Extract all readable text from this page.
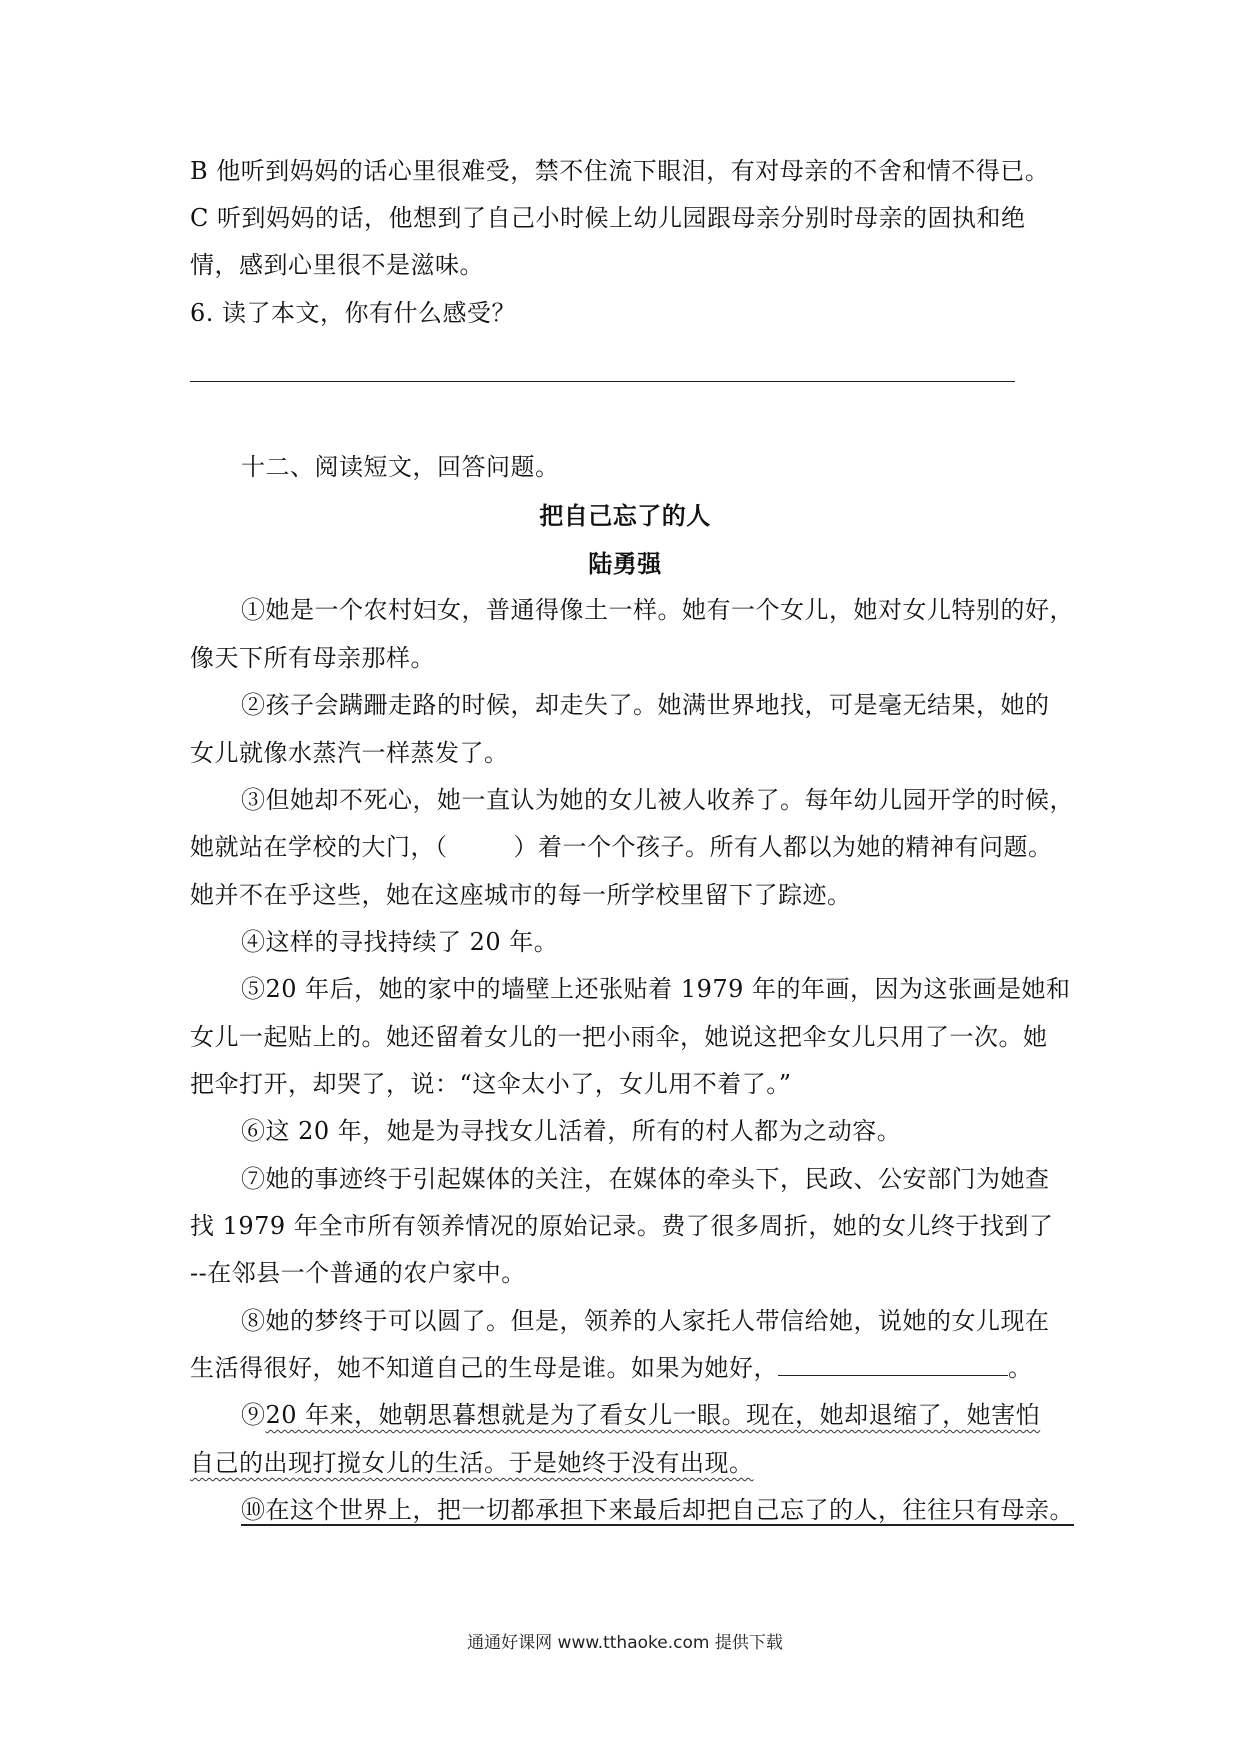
B 他听到妈妈的话心里很难受，禁不住流下眼泪，有对母亲的不舍和情不得已。
C 听到妈妈的话，他想到了自己小时候上幼儿园跟母亲分别时母亲的固执和绝
情，感到心里很不是滋味。
6. 读了本文，你有什么感受？
十二、阅读短文，回答问题。
把自己忘了的人
陆勇强
①她是一个农村妇女，普通得像土一样。她有一个女儿，她对女儿特别的好，
像天下所有母亲那样。
②孩子会蹒跚走路的时候，却走失了。她满世界地找，可是毫无结果，她的
女儿就像水蒸汽一样蒸发了。
③但她却不死心，她一直认为她的女儿被人收养了。每年幼儿园开学的时候，
她就站在学校的大门，（	）着一个个孩子。所有人都以为她的精神有问题。
她并不在乎这些，她在这座城市的每一所学校里留下了踪迹。
④这样的寻找持续了 20 年。
⑤20 年后，她的家中的墙壁上还张贴着 1979 年的年画，因为这张画是她和
女儿一起贴上的。她还留着女儿的一把小雨伞，她说这把伞女儿只用了一次。她
把伞打开，却哭了，说：“这伞太小了，女儿用不着了。”
⑥这 20 年，她是为寻找女儿活着，所有的村人都为之动容。
⑦她的事迹终于引起媒体的关注，在媒体的牵头下，民政、公安部门为她查
找 1979 年全市所有领养情况的原始记录。费了很多周折，她的女儿终于找到了
--在邻县一个普通的农户家中。
⑧她的梦终于可以圆了。但是，领养的人家托人带信给她，说她的女儿现在
生活得很好，她不知道自己的生母是谁。如果为她好，	。
⑨20 年来，她朝思暮想就是为了看女儿一眼。现在，她却退缩了，她害怕
自己的出现打搅女儿的生活。于是她终于没有出现。
⑩在这个世界上，把一切都承担下来最后却把自己忘了的人，往往只有母亲。
通通好课网 www.tthaoke.com 提供下载
